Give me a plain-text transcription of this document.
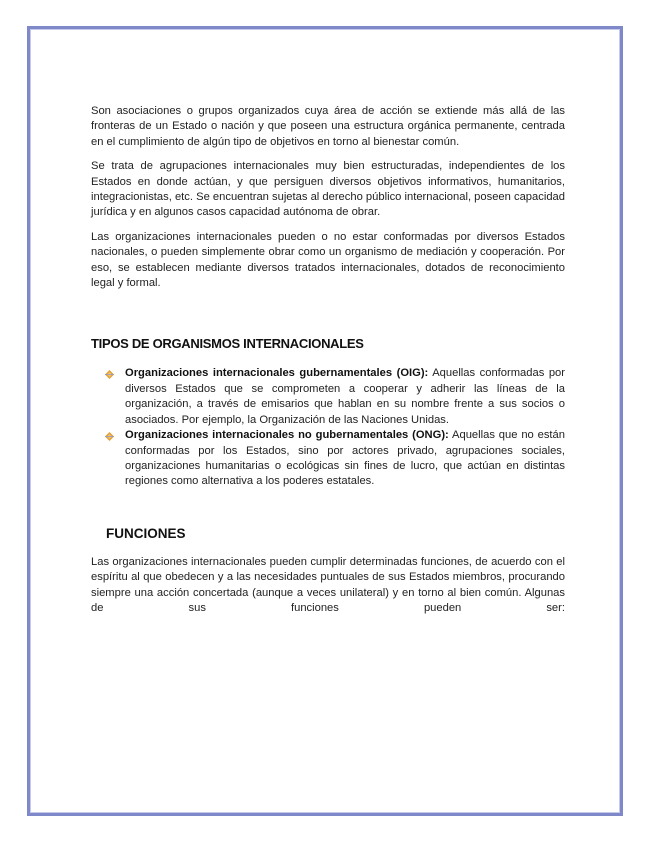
Son asociaciones o grupos organizados cuya área de acción se extiende más allá de las fronteras de un Estado o nación y que poseen una estructura orgánica permanente, centrada en el cumplimiento de algún tipo de objetivos en torno al bienestar común.

Se trata de agrupaciones internacionales muy bien estructuradas, independientes de los Estados en donde actúan, y que persiguen diversos objetivos informativos, humanitarios, integracionistas, etc. Se encuentran sujetas al derecho público internacional, poseen capacidad jurídica y en algunos casos capacidad autónoma de obrar.

Las organizaciones internacionales pueden o no estar conformadas por diversos Estados nacionales, o pueden simplemente obrar como un organismo de mediación y cooperación. Por eso, se establecen mediante diversos tratados internacionales, dotados de reconocimiento legal y formal.

TIPOS DE ORGANISMOS INTERNACIONALES
Organizaciones internacionales gubernamentales (OIG): Aquellas conformadas por diversos Estados que se comprometen a cooperar y adherir las líneas de la organización, a través de emisarios que hablan en su nombre frente a sus socios o asociados. Por ejemplo, la Organización de las Naciones Unidas.
Organizaciones internacionales no gubernamentales (ONG): Aquellas que no están conformadas por los Estados, sino por actores privado, agrupaciones sociales, organizaciones humanitarias o ecológicas sin fines de lucro, que actúan en distintas regiones como alternativa a los poderes estatales.
FUNCIONES

Las organizaciones internacionales pueden cumplir determinadas funciones, de acuerdo con el espíritu al que obedecen y a las necesidades puntuales de sus Estados miembros, procurando siempre una acción concertada (aunque a veces unilateral) y en torno al bien común. Algunas de sus funciones pueden ser:
